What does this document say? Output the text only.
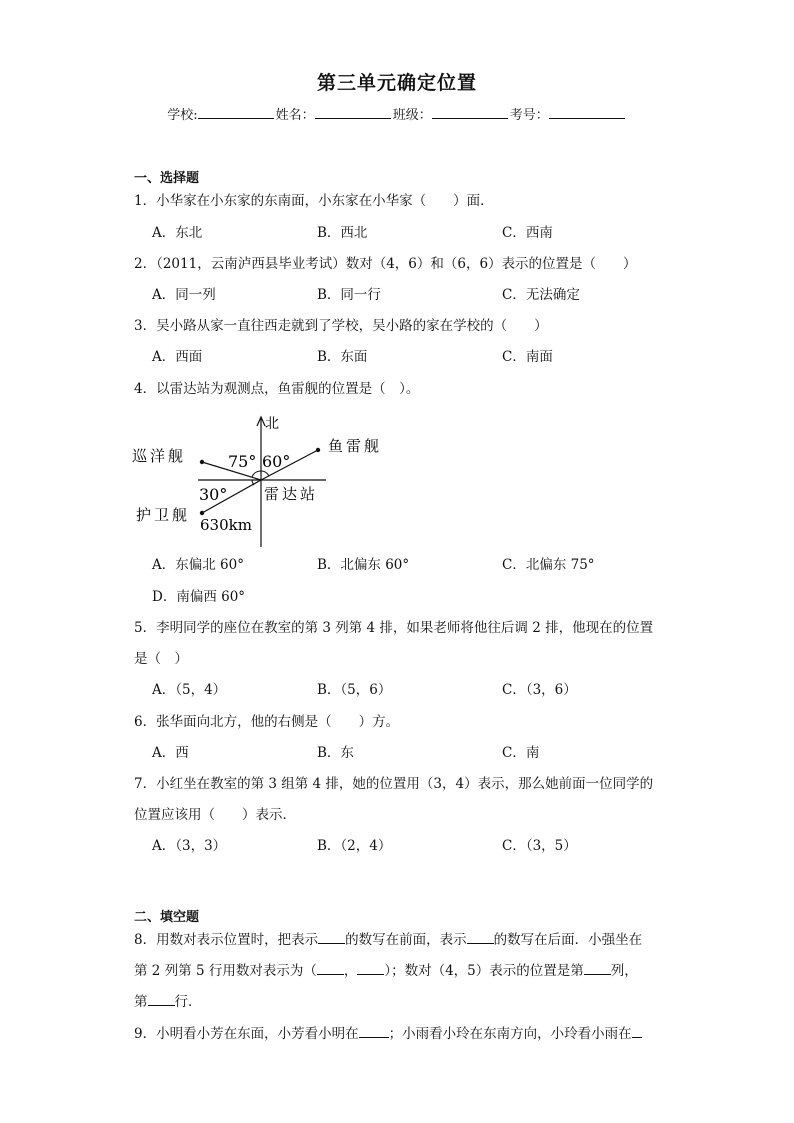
第三单元确定位置
学校:	姓名：	班级：	考号：
一、选择题
1．小华家在小东家的东南面，小东家在小华家（　　）面．
A．东北	B．西北	C．西南
2．（2011，云南泸西县毕业考试）数对（4，6）和（6，6）表示的位置是（　　）
A．同一列	B．同一行	C．无法确定
3．吴小路从家一直往西走就到了学校，吴小路的家在学校的（　　）
A．西面	B．东面	C．南面
4．以雷达站为观测点，鱼雷舰的位置是（　）。
北
鱼雷舰
巡洋舰
护卫舰
雷达站
75° 60°
30°
630km
A．东偏北 60°	B．北偏东 60°	C．北偏东 75°
D．南偏西 60°
5．李明同学的座位在教室的第 3 列第 4 排，如果老师将他往后调 2 排，他现在的位置
是（　）
A．（5，4）	B．（5，6）	C．（3，6）
6．张华面向北方，他的右侧是（　　）方。
A．西	B．东	C．南
7．小红坐在教室的第 3 组第 4 排，她的位置用（3，4）表示，那么她前面一位同学的
位置应该用（　　）表示．
A．（3，3）	B．（2，4）	C．（3，5）
二、填空题
8．用数对表示位置时，把表示 的数写在前面，表示 的数写在后面．小强坐在
第 2 列第 5 行用数对表示为（ ， ）；数对（4，5）表示的位置是第 列，
第 行．
9．小明看小芳在东面，小芳看小明在 ；小雨看小玲在东南方向，小玲看小雨在
